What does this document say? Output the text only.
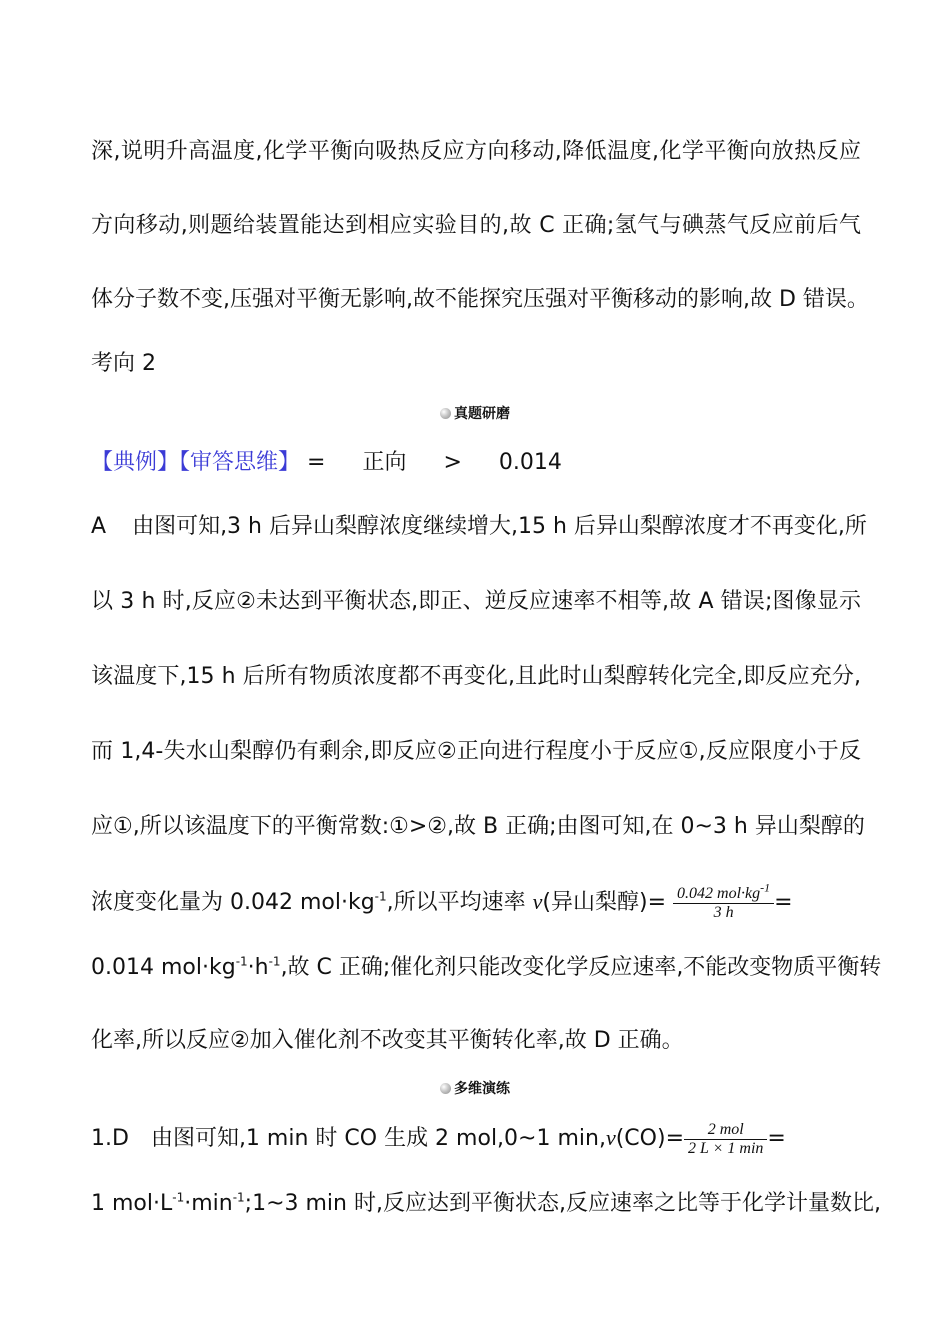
深,说明升高温度,化学平衡向吸热反应方向移动,降低温度,化学平衡向放热反应
方向移动,则题给装置能达到相应实验目的,故 C 正确;氢气与碘蒸气反应前后气
体分子数不变,压强对平衡无影响,故不能探究压强对平衡移动的影响,故 D 错误。
考向 2
真题研磨
【典例】【审答思维】 = 正向 > 0.014
A 由图可知,3 h 后异山梨醇浓度继续增大,15 h 后异山梨醇浓度才不再变化,所
以 3 h 时,反应②未达到平衡状态,即正、逆反应速率不相等,故 A 错误;图像显示
该温度下,15 h 后所有物质浓度都不再变化,且此时山梨醇转化完全,即反应充分,
而 1,4-失水山梨醇仍有剩余,即反应②正向进行程度小于反应①,反应限度小于反
应①,所以该温度下的平衡常数:①>②,故 B 正确;由图可知,在 0~3 h 异山梨醇的
浓度变化量为 0.042 $mol\cdot kg^{-1}$,所以平均速率 v(异山梨醇)= $\frac{0.042 mol\cdot kg^{-1}}{3 h}$ =
0.014 $mol\cdot kg^{-1}\cdot h^{-1}$,故 C 正确;催化剂只能改变化学反应速率,不能改变物质平衡转
化率,所以反应②加入催化剂不改变其平衡转化率,故 D 正确。
多维演练
1.D 由图可知,1 min 时 CO 生成 2 mol,0~1 $\min,v(CO)= \frac{\text{2 mol}}{2 L \times 1 \min}$ =
1 $mol\cdot L^{-1}\cdot\min^{-1};1\sim 3$ min 时,反应达到平衡状态,反应速率之比等于化学计量数比,
